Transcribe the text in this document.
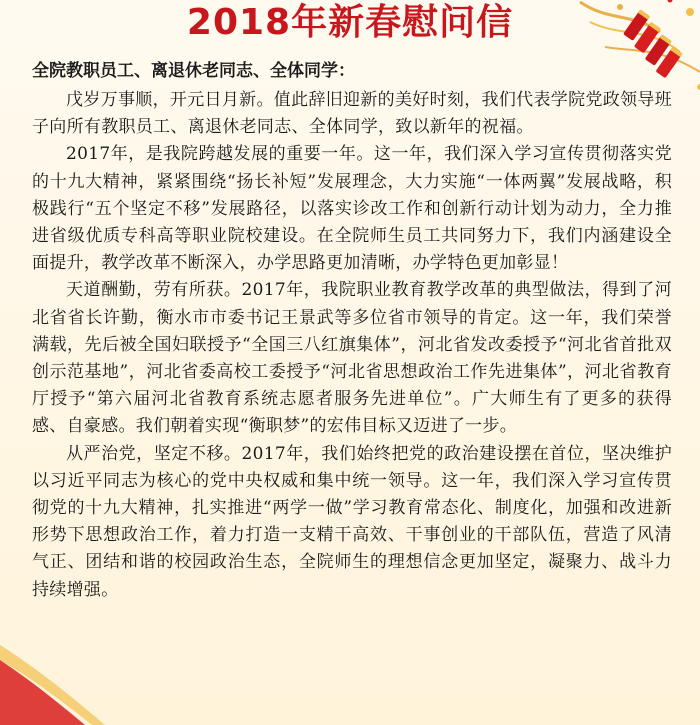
2018年新春慰问信

全院教职员工、离退休老同志、全体同学：

戊岁万事顺，开元日月新。值此辞旧迎新的美好时刻，我们代表学院党政领导班子向所有教职员工、离退休老同志、全体同学，致以新年的祝福。

2017年，是我院跨越发展的重要一年。这一年，我们深入学习宣传贯彻落实党的十九大精神，紧紧围绕“扬长补短”发展理念，大力实施“一体两翼”发展战略，积极践行“五个坚定不移”发展路径，以落实诊改工作和创新行动计划为动力，全力推进省级优质专科高等职业院校建设。在全院师生员工共同努力下，我们内涵建设全面提升，教学改革不断深入，办学思路更加清晰，办学特色更加彰显！

天道酬勤，劳有所获。2017年，我院职业教育教学改革的典型做法，得到了河北省省长许勤，衡水市市委书记王景武等多位省市领导的肯定。这一年，我们荣誉满载，先后被全国妇联授予“全国三八红旗集体”，河北省发改委授予“河北省首批双创示范基地”，河北省委高校工委授予“河北省思想政治工作先进集体”，河北省教育厅授予“第六届河北省教育系统志愿者服务先进单位”。广大师生有了更多的获得感、自豪感。我们朝着实现“衡职梦”的宏伟目标又迈进了一步。

从严治党，坚定不移。2017年，我们始终把党的政治建设摆在首位，坚决维护以习近平同志为核心的党中央权威和集中统一领导。这一年，我们深入学习宣传贯彻党的十九大精神，扎实推进“两学一做”学习教育常态化、制度化，加强和改进新形势下思想政治工作，着力打造一支精干高效、干事创业的干部队伍，营造了风清气正、团结和谐的校园政治生态，全院师生的理想信念更加坚定，凝聚力、战斗力持续增强。
